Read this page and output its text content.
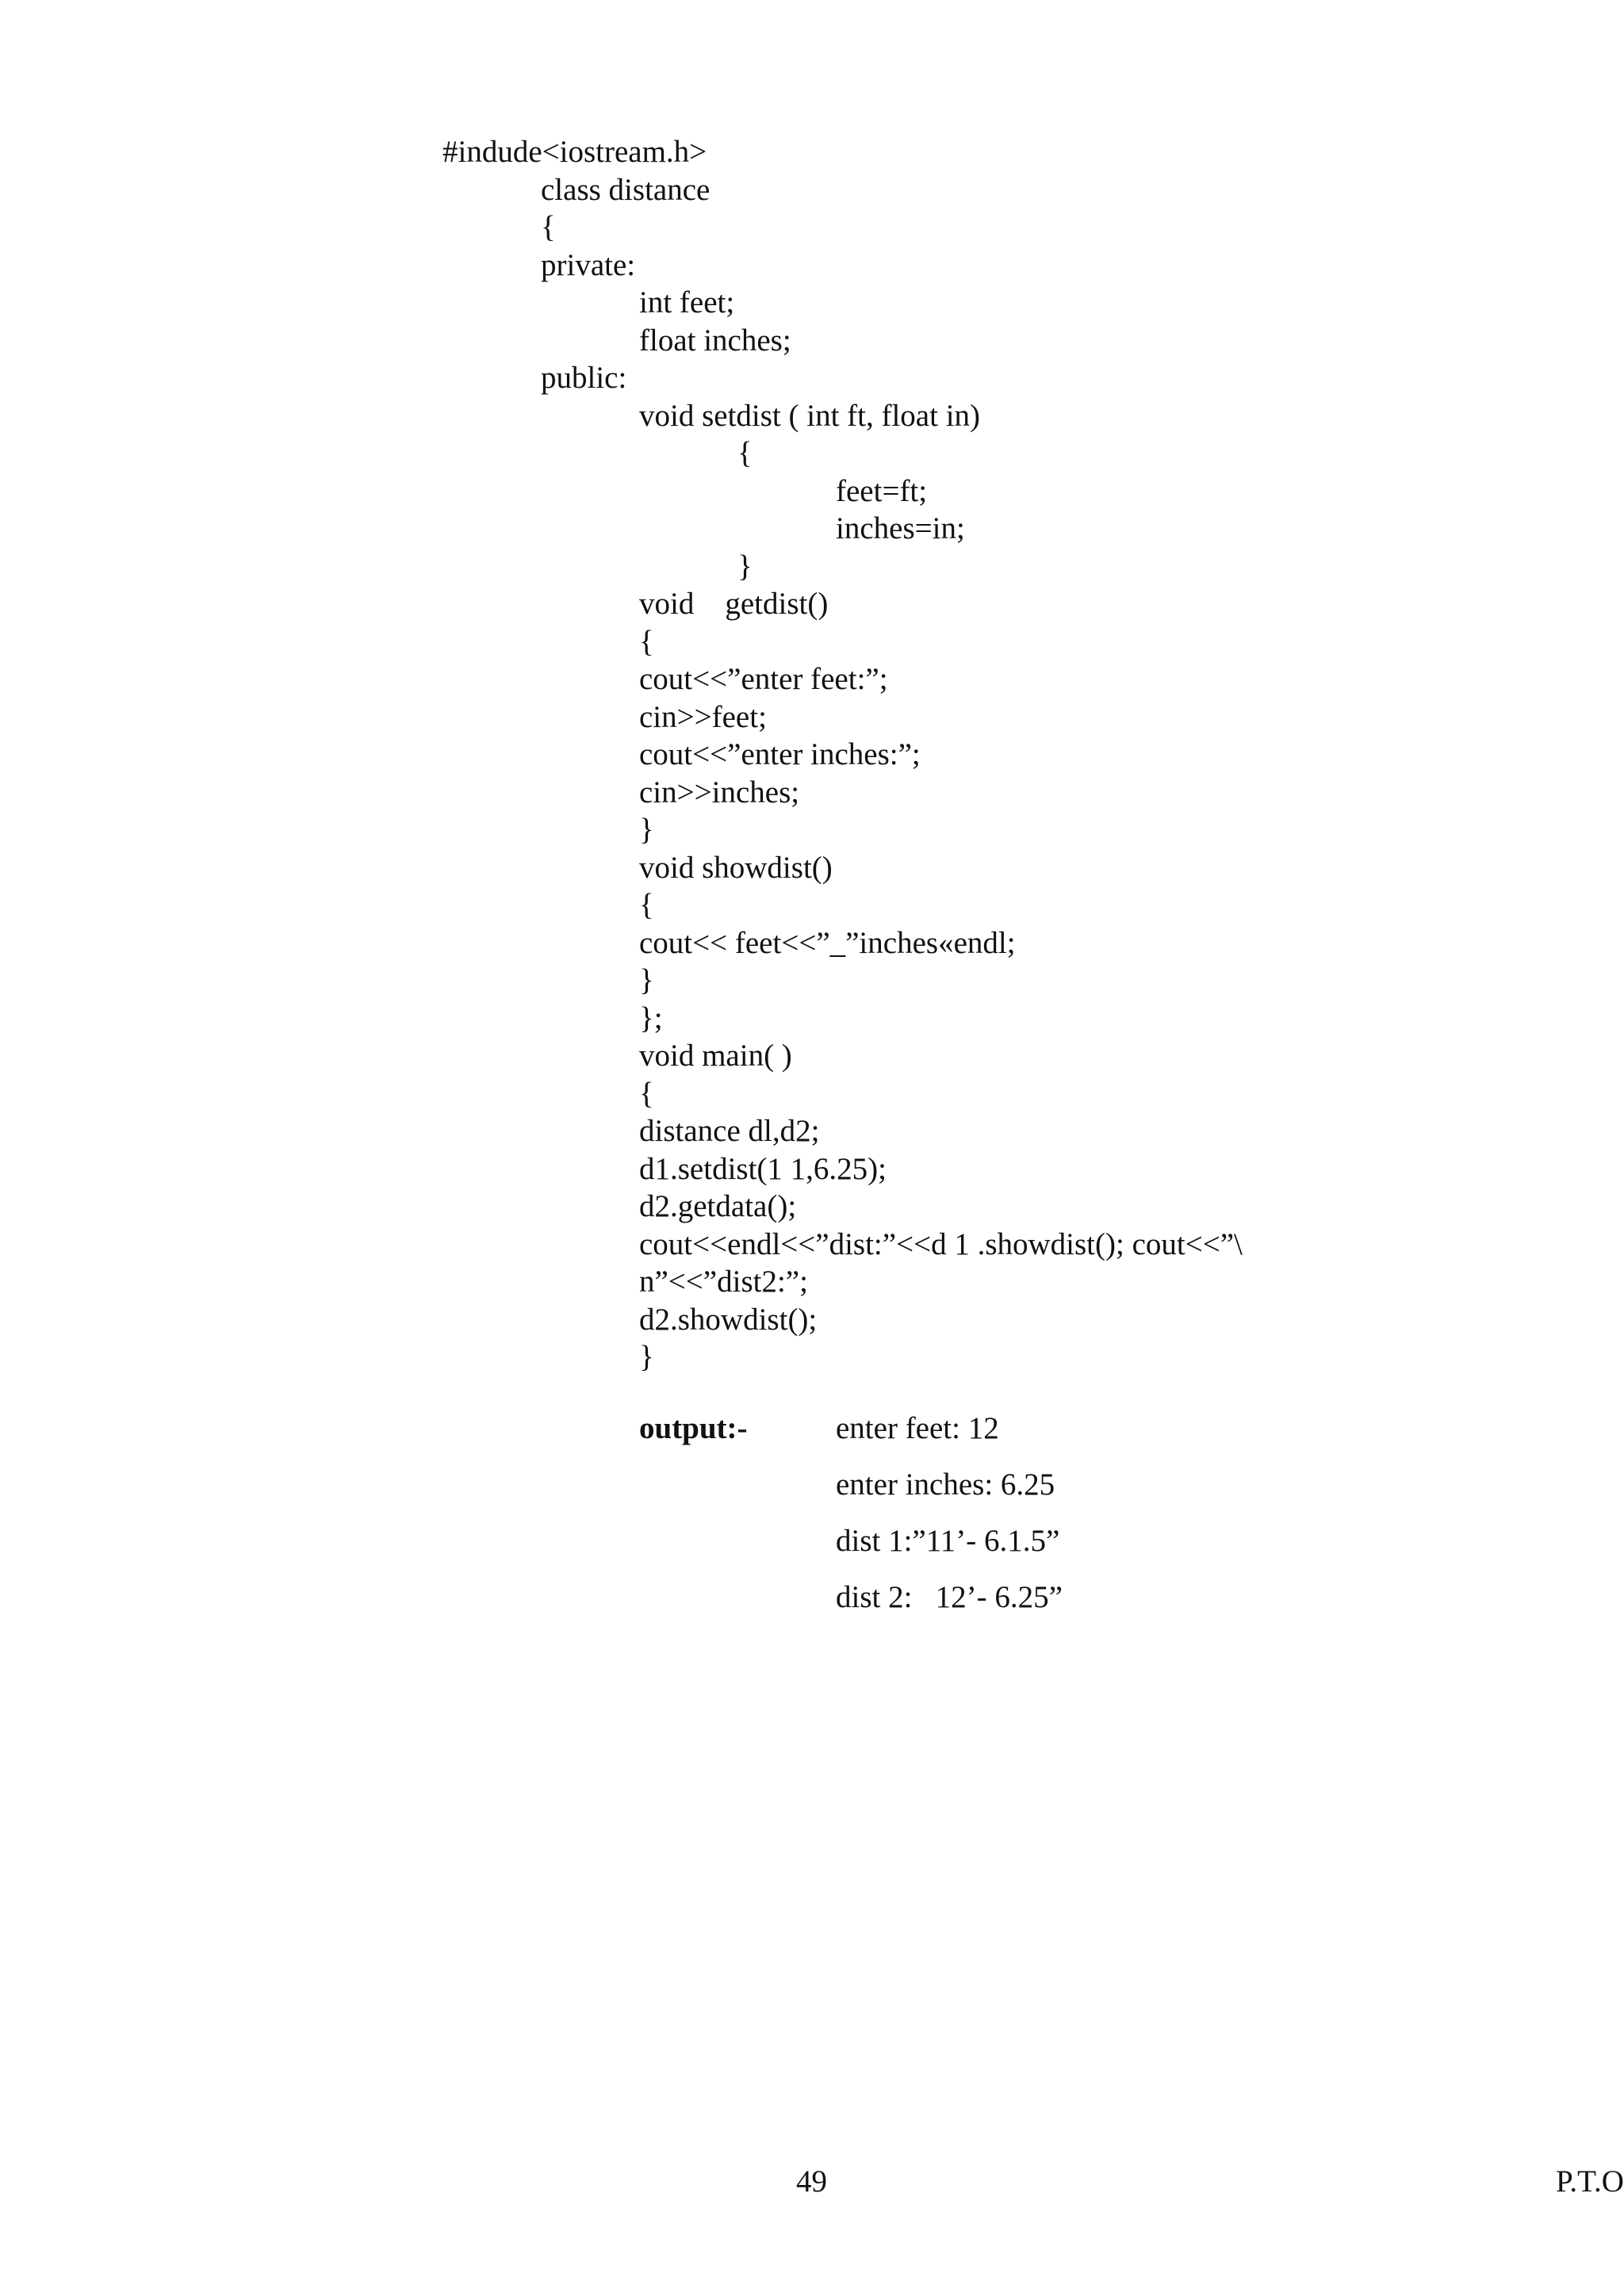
#indude<iostream.h>
class distance
{
private:
int feet;
float inches;
public:
void setdist ( int ft, float in)
{
feet=ft;
inches=in;
}
void    getdist()
{
cout<<”enter feet:”;
cin>>feet;
cout<<”enter inches:”;
cin>>inches;
}
void showdist()
{
cout<< feet<<”_”inches«endl;
}
};
void main( )
{
distance dl,d2;
d1.setdist(1 1,6.25);
d2.getdata();
cout<<endl<<”dist:”<<d 1 .showdist(); cout<<”\
n”<<”dist2:”;
d2.showdist();
}
output:-	enter feet: 12
enter inches: 6.25
dist 1:”11’- 6.1.5”
dist 2:   12’- 6.25”
49	P.T.O
